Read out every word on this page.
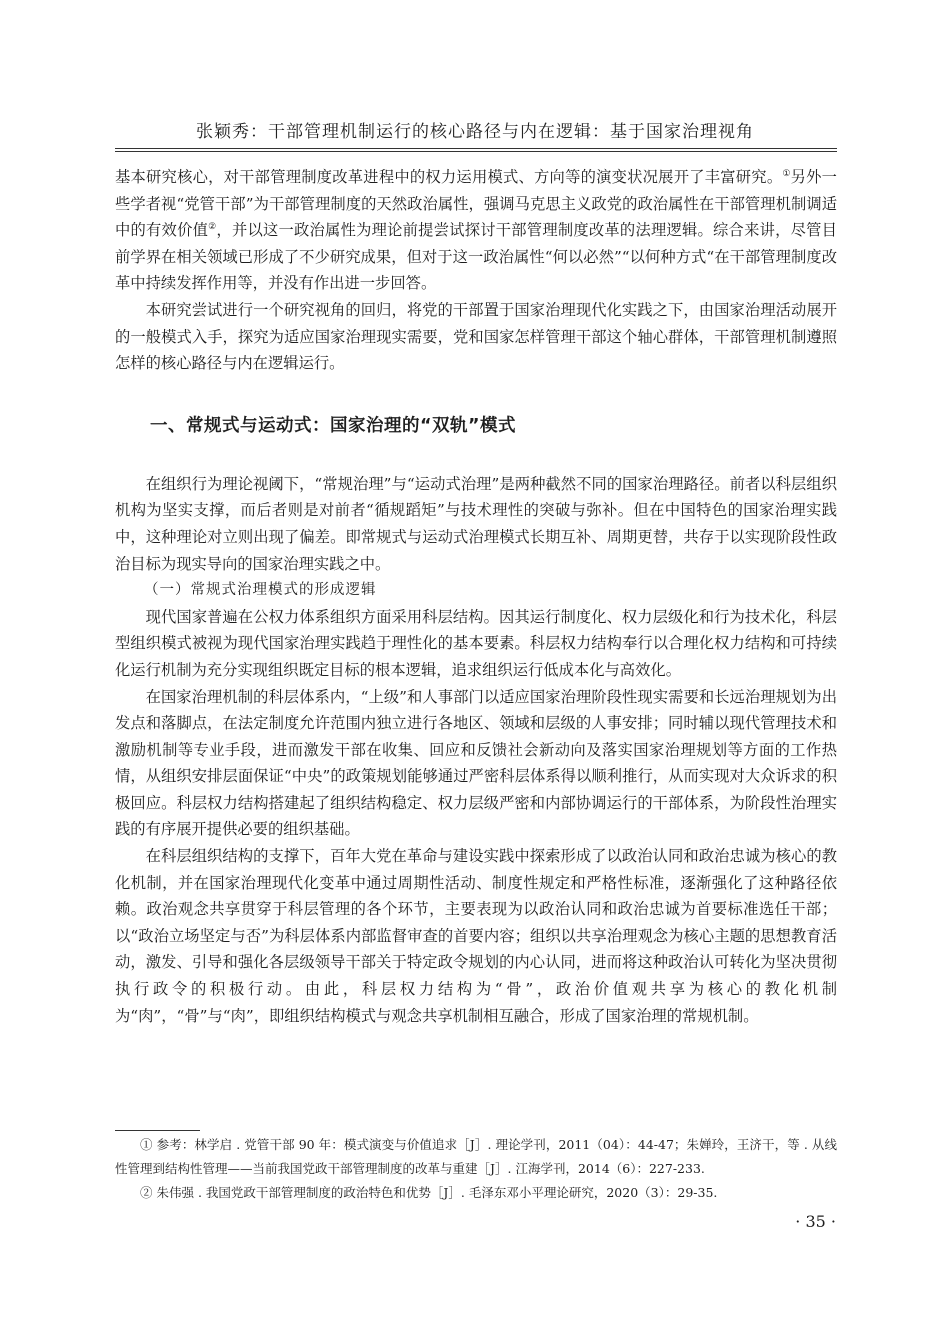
张颖秀：干部管理机制运行的核心路径与内在逻辑：基于国家治理视角

基本研究核心，对干部管理制度改革进程中的权力运用模式、方向等的演变状况展开了丰富研究。①另外一些学者视“党管干部”为干部管理制度的天然政治属性，强调马克思主义政党的政治属性在干部管理机制调适中的有效价值②，并以这一政治属性为理论前提尝试探讨干部管理制度改革的法理逻辑。综合来讲，尽管目前学界在相关领域已形成了不少研究成果，但对于这一政治属性“何以必然”“以何种方式“在干部管理制度改革中持续发挥作用等，并没有作出进一步回答。

本研究尝试进行一个研究视角的回归，将党的干部置于国家治理现代化实践之下，由国家治理活动展开的一般模式入手，探究为适应国家治理现实需要，党和国家怎样管理干部这个轴心群体，干部管理机制遵照怎样的核心路径与内在逻辑运行。

一、常规式与运动式：国家治理的“双轨”模式

在组织行为理论视阈下，“常规治理”与“运动式治理”是两种截然不同的国家治理路径。前者以科层组织机构为坚实支撑，而后者则是对前者“循规蹈矩”与技术理性的突破与弥补。但在中国特色的国家治理实践中，这种理论对立则出现了偏差。即常规式与运动式治理模式长期互补、周期更替，共存于以实现阶段性政治目标为现实导向的国家治理实践之中。

（一）常规式治理模式的形成逻辑

现代国家普遍在公权力体系组织方面采用科层结构。因其运行制度化、权力层级化和行为技术化，科层型组织模式被视为现代国家治理实践趋于理性化的基本要素。科层权力结构奉行以合理化权力结构和可持续化运行机制为充分实现组织既定目标的根本逻辑，追求组织运行低成本化与高效化。

在国家治理机制的科层体系内，“上级”和人事部门以适应国家治理阶段性现实需要和长远治理规划为出发点和落脚点，在法定制度允许范围内独立进行各地区、领域和层级的人事安排；同时辅以现代管理技术和激励机制等专业手段，进而激发干部在收集、回应和反馈社会新动向及落实国家治理规划等方面的工作热情，从组织安排层面保证“中央”的政策规划能够通过严密科层体系得以顺利推行，从而实现对大众诉求的积极回应。科层权力结构搭建起了组织结构稳定、权力层级严密和内部协调运行的干部体系，为阶段性治理实践的有序展开提供必要的组织基础。

在科层组织结构的支撑下，百年大党在革命与建设实践中探索形成了以政治认同和政治忠诚为核心的教化机制，并在国家治理现代化变革中通过周期性活动、制度性规定和严格性标准，逐渐强化了这种路径依赖。政治观念共享贯穿于科层管理的各个环节，主要表现为以政治认同和政治忠诚为首要标准选任干部；以“政治立场坚定与否”为科层体系内部监督审查的首要内容；组织以共享治理观念为核心主题的思想教育活动，激发、引导和强化各层级领导干部关于特定政令规划的内心认同，进而将这种政治认可转化为坚决贯彻执行政令的积极行动。由此，科层权力结构为“骨”，政治价值观共享为核心的教化机制为“肉”，“骨”与“肉”，即组织结构模式与观念共享机制相互融合，形成了国家治理的常规机制。

① 参考：林学启 . 党管干部 90 年：模式演变与价值追求［J］. 理论学刊，2011（04）：44-47；朱婵玲，王济干，等 . 从线性管理到结构性管理——当前我国党政干部管理制度的改革与重建［J］. 江海学刊，2014（6）：227-233.

② 朱伟强 . 我国党政干部管理制度的政治特色和优势［J］. 毛泽东邓小平理论研究，2020（3）：29-35.

· 35 ·
